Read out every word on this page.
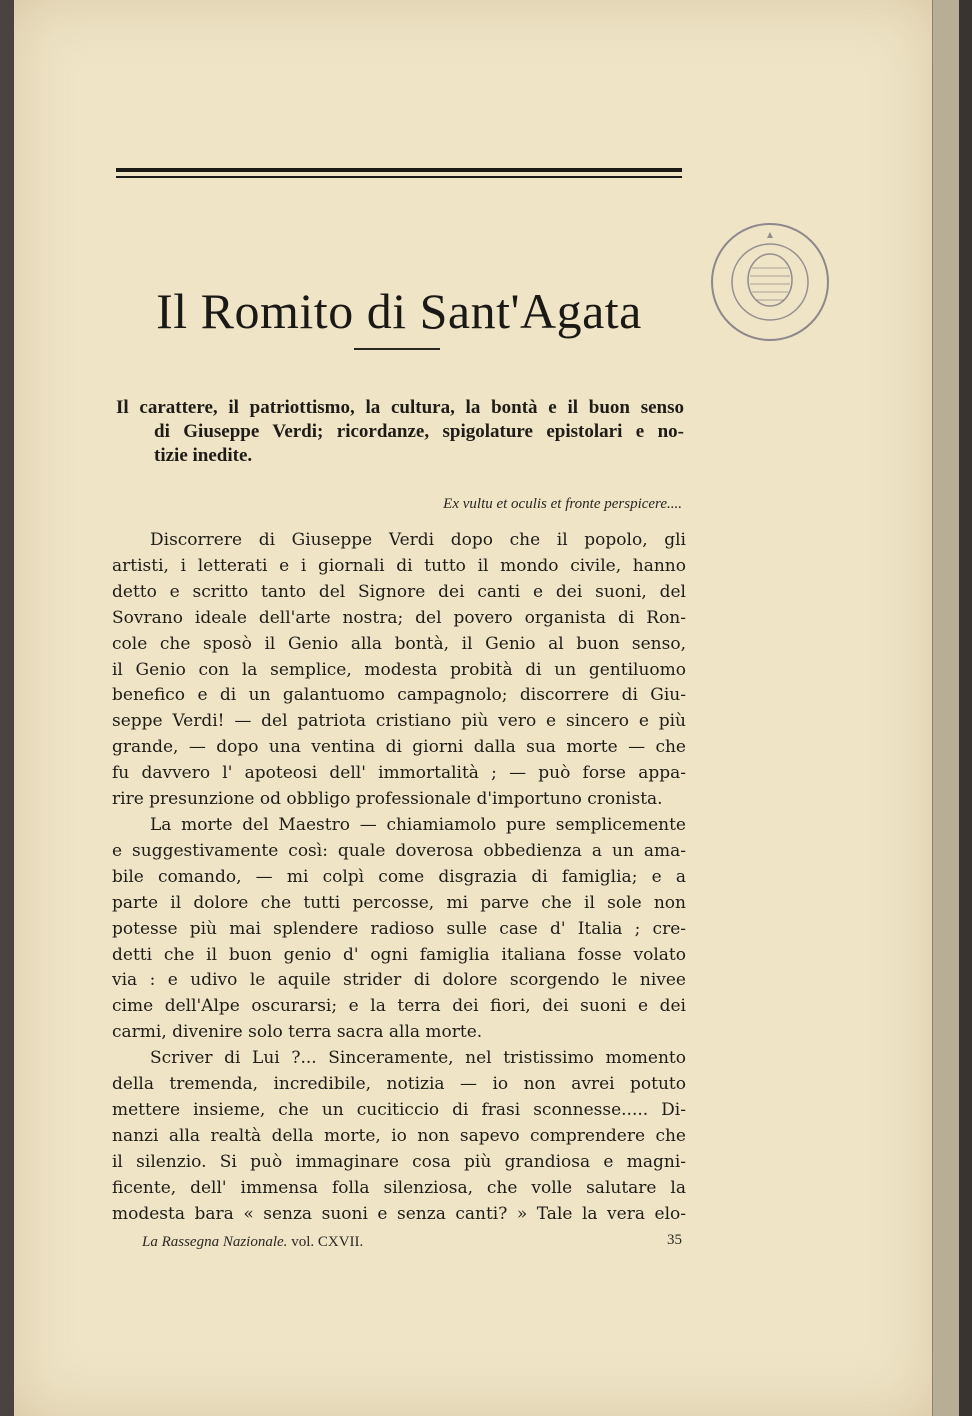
Il Romito di Sant'Agata
Il carattere, il patriottismo, la cultura, la bontà e il buon senso
di Giuseppe Verdi; ricordanze, spigolature epistolari e no-
tizie inedite.
Ex vultu et oculis et fronte perspicere....
Discorrere di Giuseppe Verdi dopo che il popolo, gli
artisti, i letterati e i giornali di tutto il mondo civile, hanno
detto e scritto tanto del Signore dei canti e dei suoni, del
Sovrano ideale dell'arte nostra; del povero organista di Ron-
cole che sposò il Genio alla bontà, il Genio al buon senso,
il Genio con la semplice, modesta probità di un gentiluomo
benefico e di un galantuomo campagnolo; discorrere di Giu-
seppe Verdi! — del patriota cristiano più vero e sincero e più
grande, — dopo una ventina di giorni dalla sua morte — che
fu davvero l' apoteosi dell' immortalità ; — può forse appa-
rire presunzione od obbligo professionale d'importuno cronista.
La morte del Maestro — chiamiamolo pure semplicemente
e suggestivamente così: quale doverosa obbedienza a un ama-
bile comando, — mi colpì come disgrazia di famiglia; e a
parte il dolore che tutti percosse, mi parve che il sole non
potesse più mai splendere radioso sulle case d' Italia ; cre-
detti che il buon genio d' ogni famiglia italiana fosse volato
via : e udivo le aquile strider di dolore scorgendo le nivee
cime dell'Alpe oscurarsi; e la terra dei fiori, dei suoni e dei
carmi, divenire solo terra sacra alla morte.
Scriver di Lui ?... Sinceramente, nel tristissimo momento
della tremenda, incredibile, notizia — io non avrei potuto
mettere insieme, che un cuciticcio di frasi sconnesse..... Di-
nanzi alla realtà della morte, io non sapevo comprendere che
il silenzio. Si può immaginare cosa più grandiosa e magni-
ficente, dell' immensa folla silenziosa, che volle salutare la
modesta bara « senza suoni e senza canti? » Tale la vera elo-
La Rassegna Nazionale. vol. CXVII.	35
